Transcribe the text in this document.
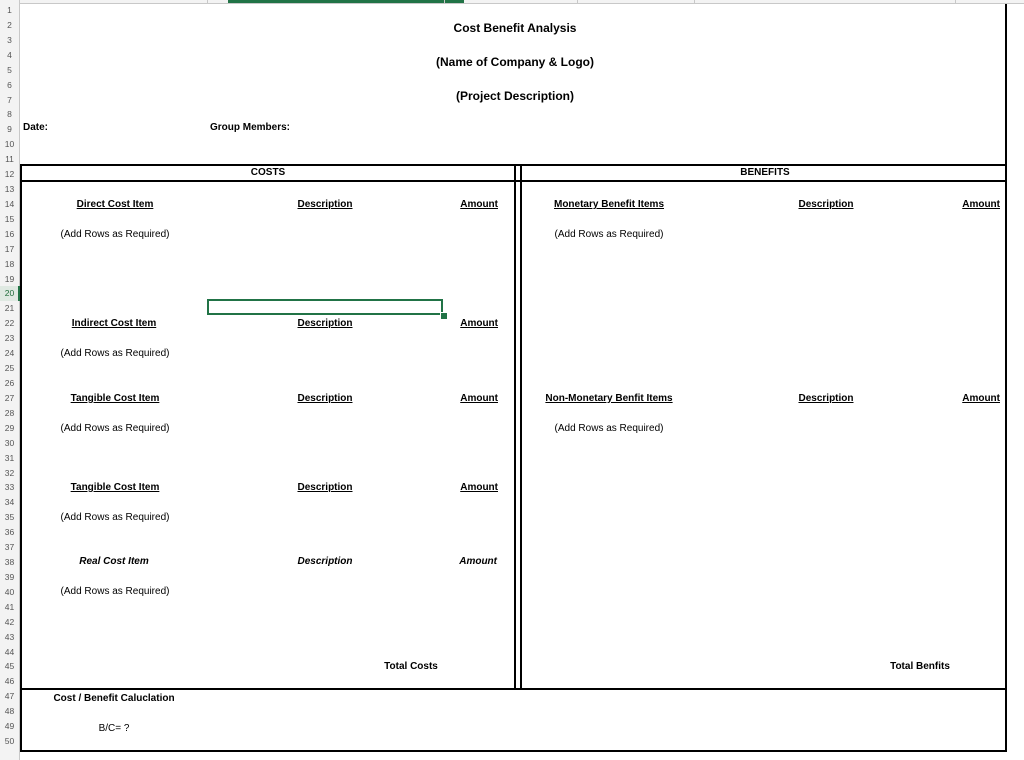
1
2
3
4
5
6
7
8
9
10
11
12
13
14
15
16
17
18
19
20
21
22
23
24
25
26
27
28
29
30
31
32
33
34
35
36
37
38
39
40
41
42
43
44
45
46
47
48
49
50
Cost Benefit Analysis
(Name of Company & Logo)
(Project Description)
Date:	Group Members:
COSTS	BENEFITS
Direct Cost Item	Description	Amount
(Add Rows as Required)
Indirect Cost Item	Description	Amount
(Add Rows as Required)
Tangible Cost Item	Description	Amount
(Add Rows as Required)
Tangible Cost Item	Description	Amount
(Add Rows as Required)
Real Cost Item	Description	Amount
(Add Rows as Required)
Total Costs
Monetary Benefit Items	Description	Amount
(Add Rows as Required)
Non-Monetary Benfit Items	Description	Amount
(Add Rows as Required)
Total Benfits
Cost / Benefit Caluclation
B/C= ?
